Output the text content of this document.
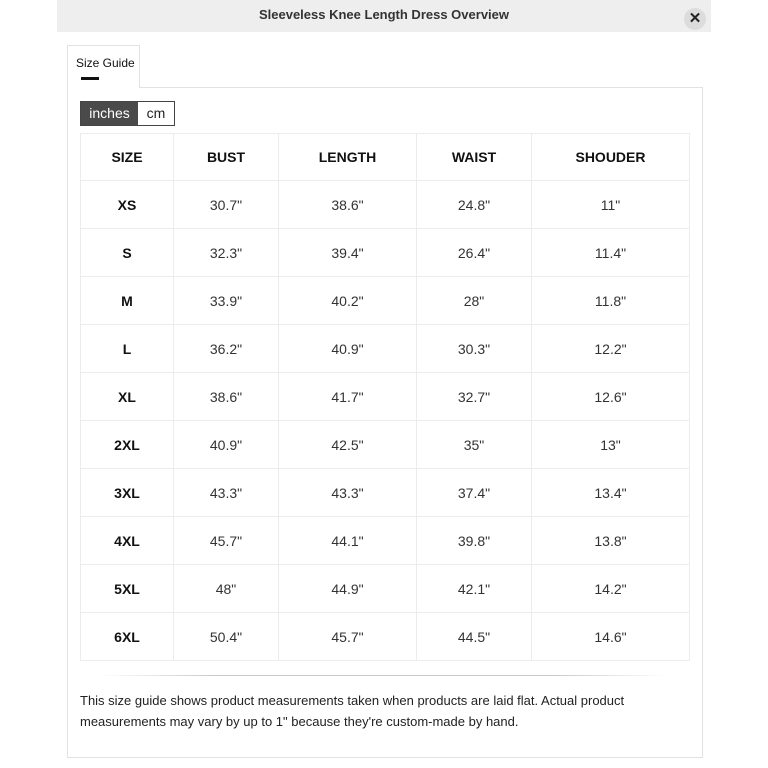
Sleeveless Knee Length Dress Overview	✕
Size Guide
inches	cm
SIZE	BUST	LENGTH	WAIST	SHOUDER
XS	30.7"	38.6"	24.8"	11"
S	32.3"	39.4"	26.4"	11.4"
M	33.9"	40.2"	28"	11.8"
L	36.2"	40.9"	30.3"	12.2"
XL	38.6"	41.7"	32.7"	12.6"
2XL	40.9"	42.5"	35"	13"
3XL	43.3"	43.3"	37.4"	13.4"
4XL	45.7"	44.1"	39.8"	13.8"
5XL	48"	44.9"	42.1"	14.2"
6XL	50.4"	45.7"	44.5"	14.6"
This size guide shows product measurements taken when products are laid flat. Actual product measurements may vary by up to 1" because they're custom-made by hand.
